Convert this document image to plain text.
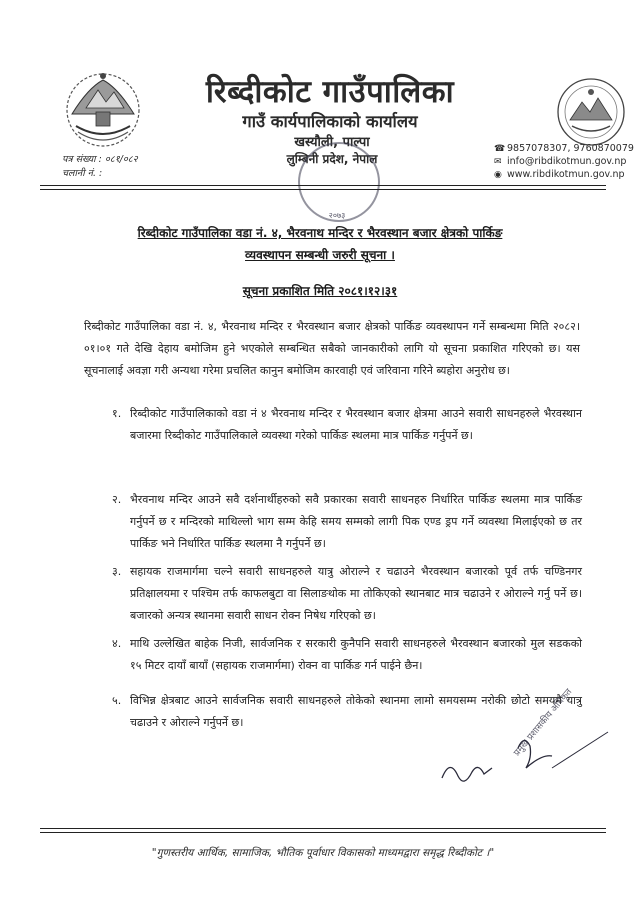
रिब्दीकोट गाउँपालिका
गाउँ कार्यपालिकाको कार्यालय
खस्यौली, पाल्पा
लुम्बिनी प्रदेश, नेपाल
२०७३
पत्र संख्या : ०८१/०८२
चलानी नं. :
☎ 9857078307, 9760870079
✉ info@ribdikotmun.gov.np
◉ www.ribdikotmun.gov.np
रिब्दीकोट गाउँपालिका वडा नं. ४, भैरवनाथ मन्दिर र भैरवस्थान बजार क्षेत्रको पार्किङ
व्यवस्थापन सम्बन्धी जरुरी सूचना ।
सूचना प्रकाशित मिति २०८१।१२।३१
रिब्दीकोट गाउँपालिका वडा नं. ४, भैरवनाथ मन्दिर र भैरवस्थान बजार क्षेत्रको पार्किङ व्यवस्थापन गर्ने सम्बन्धमा मिति २०८२।०१।०१ गते देखि देहाय बमोजिम हुने भएकोले सम्बन्धित सबैको जानकारीको लागि यो सूचना प्रकाशित गरिएको छ। यस सूचनालाई अवज्ञा गरी अन्यथा गरेमा प्रचलित कानुन बमोजिम कारवाही एवं जरिवाना गरिने ब्यहोरा अनुरोध छ।
१. रिब्दीकोट गाउँपालिकाको वडा नं ४ भैरवनाथ मन्दिर र भैरवस्थान बजार क्षेत्रमा आउने सवारी साधनहरुले भैरवस्थान बजारमा रिब्दीकोट गाउँपालिकाले व्यवस्था गरेको पार्किङ स्थलमा मात्र पार्किङ गर्नुपर्ने छ।
२. भैरवनाथ मन्दिर आउने सवै दर्शनार्थीहरुको सवै प्रकारका सवारी साधनहरु निर्धारित पार्किङ स्थलमा मात्र पार्किङ गर्नुपर्ने छ र मन्दिरको माथिल्लो भाग सम्म केहि समय सम्मको लागी पिक एण्ड ड्रप गर्ने व्यवस्था मिलाईएको छ तर पार्किङ भने निर्धारित पार्किङ स्थलमा नै गर्नुपर्ने छ।
३. सहायक राजमार्गमा चल्ने सवारी साधनहरुले यात्रु ओराल्ने र चढाउने भैरवस्थान बजारको पूर्व तर्फ चण्डिनगर प्रतिक्षालयमा र पश्चिम तर्फ काफलबुटा वा सिलाङथोक मा तोकिएको स्थानबाट मात्र चढाउने र ओराल्ने गर्नु पर्ने छ। बजारको अन्यत्र स्थानमा सवारी साधन रोक्न निषेध गरिएको छ।
४. माथि उल्लेखित बाहेक निजी, सार्वजनिक र सरकारी कुनैपनि सवारी साधनहरुले भैरवस्थान बजारको मुल सडकको १५ मिटर दायाँ बायाँ (सहायक राजमार्गमा) रोक्न वा पार्किङ गर्न पाईने छैन।
५. विभिन्न क्षेत्रबाट आउने सार्वजनिक सवारी साधनहरुले तोकेको स्थानमा लामो समयसम्म नरोकी छोटो समयमै यात्रु चढाउने र ओराल्ने गर्नुपर्ने छ।	प्रमुख प्रशासकीय अधिकृत
"गुणस्तरीय आर्थिक, सामाजिक, भौतिक पूर्वाधार विकासको माध्यमद्वारा समृद्ध रिब्दीकोट ।"
